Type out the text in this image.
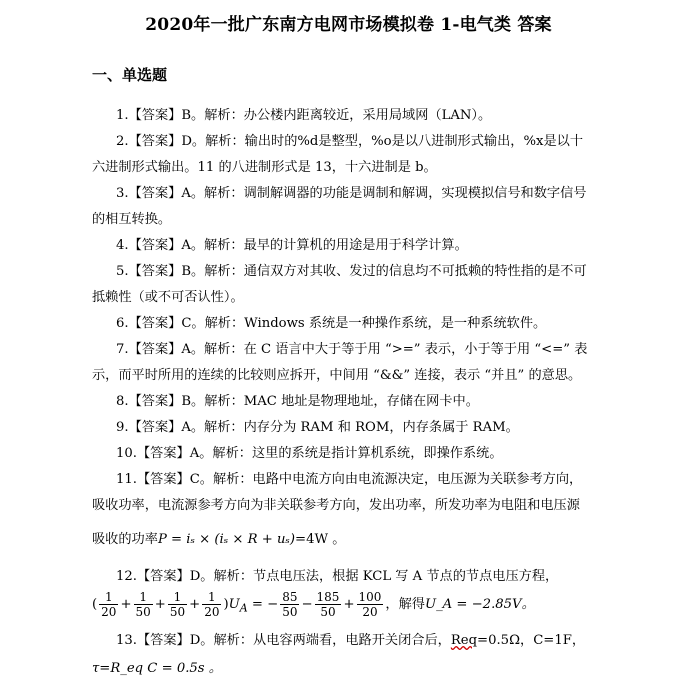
2020年一批广东南方电网市场模拟卷 1-电气类 答案
一、单选题
1.【答案】B。解析：办公楼内距离较近，采用局域网（LAN）。
2.【答案】D。解析：输出时的%d是整型，%o是以八进制形式输出，%x是以十
六进制形式输出。11 的八进制形式是 13，十六进制是 b。
3.【答案】A。解析：调制解调器的功能是调制和解调，实现模拟信号和数字信号
的相互转换。
4.【答案】A。解析：最早的计算机的用途是用于科学计算。
5.【答案】B。解析：通信双方对其收、发过的信息均不可抵赖的特性指的是不可
抵赖性（或不可否认性）。
6.【答案】C。解析：Windows 系统是一种操作系统，是一种系统软件。
7.【答案】A。解析：在 C 语言中大于等于用 “>=” 表示，小于等于用 “<=” 表
示，而平时所用的连续的比较则应拆开，中间用 “&&” 连接，表示 “并且” 的意思。
8.【答案】B。解析：MAC 地址是物理地址，存储在网卡中。
9.【答案】A。解析：内存分为 RAM 和 ROM，内存条属于 RAM。
10.【答案】A。解析：这里的系统是指计算机系统，即操作系统。
11.【答案】C。解析：电路中电流方向由电流源决定，电压源为关联参考方向，
吸收功率，电流源参考方向为非关联参考方向，发出功率，所发功率为电阻和电压源
吸收的功率P = iₛ × (iₛ × R + uₛ)=4W 。
12.【答案】D。解析：节点电压法，根据 KCL 写 A 节点的节点电压方程，
( $\frac{1}{20} + \frac{1}{50} + \frac{1}{50} + \frac{1}{20} )U_A$ = − $\frac{85}{50} - \frac{185}{50} + \frac{100}{20}$ ，解得U_A = −2.85V。
13.【答案】D。解析：从电容两端看，电路开关闭合后，Req=0.5Ω，C=1F，
τ=R_eq C = 0.5s 。
